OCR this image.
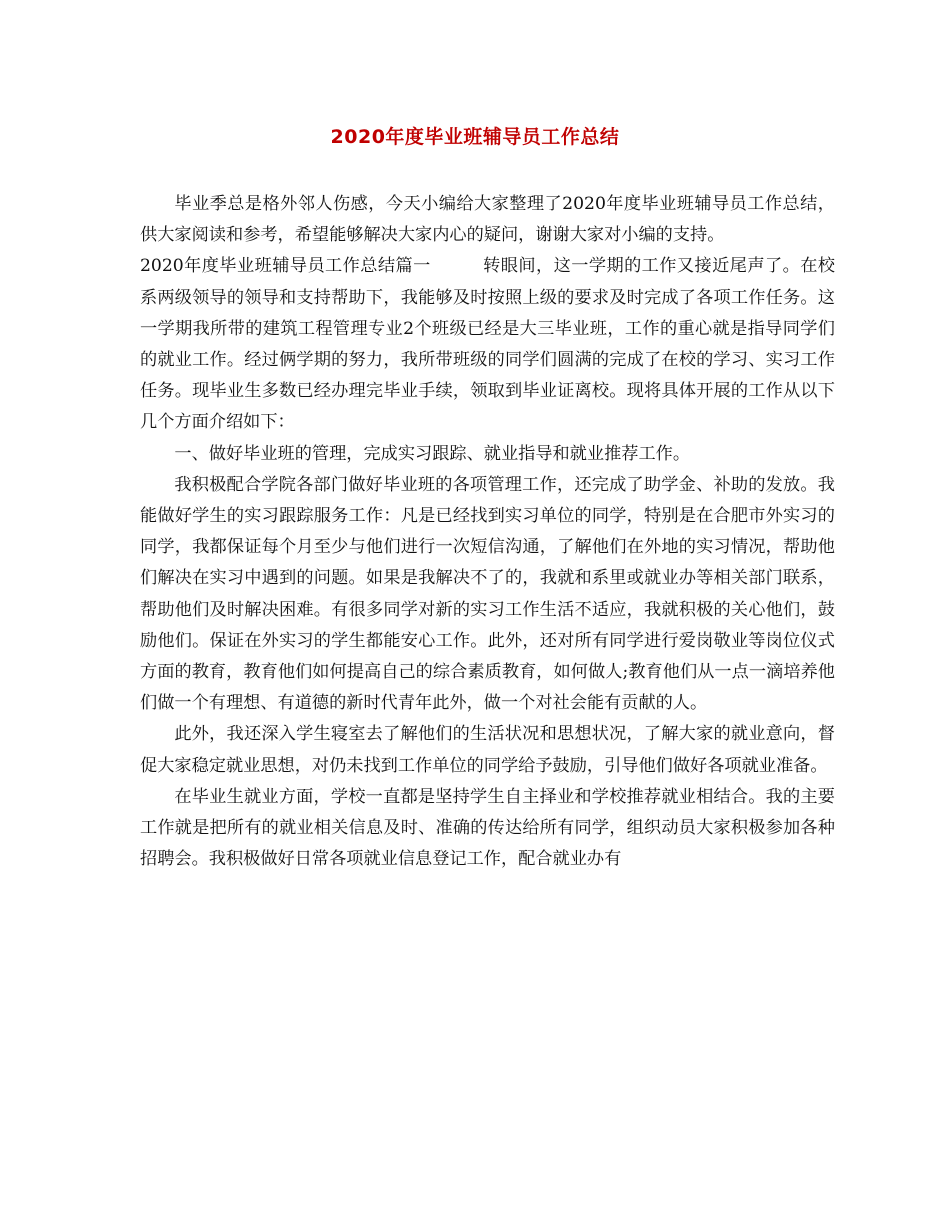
2020年度毕业班辅导员工作总结

毕业季总是格外邻人伤感，今天小编给大家整理了2020年度毕业班辅导员工作总结，供大家阅读和参考，希望能够解决大家内心的疑问，谢谢大家对小编的支持。

2020年度毕业班辅导员工作总结篇一	转眼间，这一学期的工作又接近尾声了。在校系两级领导的领导和支持帮助下，我能够及时按照上级的要求及时完成了各项工作任务。这一学期我所带的建筑工程管理专业2个班级已经是大三毕业班，工作的重心就是指导同学们的就业工作。经过俩学期的努力，我所带班级的同学们圆满的完成了在校的学习、实习工作任务。现毕业生多数已经办理完毕业手续，领取到毕业证离校。现将具体开展的工作从以下几个方面介绍如下：

一、做好毕业班的管理，完成实习跟踪、就业指导和就业推荐工作。

我积极配合学院各部门做好毕业班的各项管理工作，还完成了助学金、补助的发放。我能做好学生的实习跟踪服务工作：凡是已经找到实习单位的同学，特别是在合肥市外实习的同学，我都保证每个月至少与他们进行一次短信沟通，了解他们在外地的实习情况，帮助他们解决在实习中遇到的问题。如果是我解决不了的，我就和系里或就业办等相关部门联系，帮助他们及时解决困难。有很多同学对新的实习工作生活不适应，我就积极的关心他们，鼓励他们。保证在外实习的学生都能安心工作。此外，还对所有同学进行爱岗敬业等岗位仪式方面的教育，教育他们如何提高自己的综合素质教育，如何做人;教育他们从一点一滴培养他们做一个有理想、有道德的新时代青年此外，做一个对社会能有贡献的人。

此外，我还深入学生寝室去了解他们的生活状况和思想状况，了解大家的就业意向，督促大家稳定就业思想，对仍未找到工作单位的同学给予鼓励，引导他们做好各项就业准备。

在毕业生就业方面，学校一直都是坚持学生自主择业和学校推荐就业相结合。我的主要工作就是把所有的就业相关信息及时、准确的传达给所有同学，组织动员大家积极参加各种招聘会。我积极做好日常各项就业信息登记工作，配合就业办有
